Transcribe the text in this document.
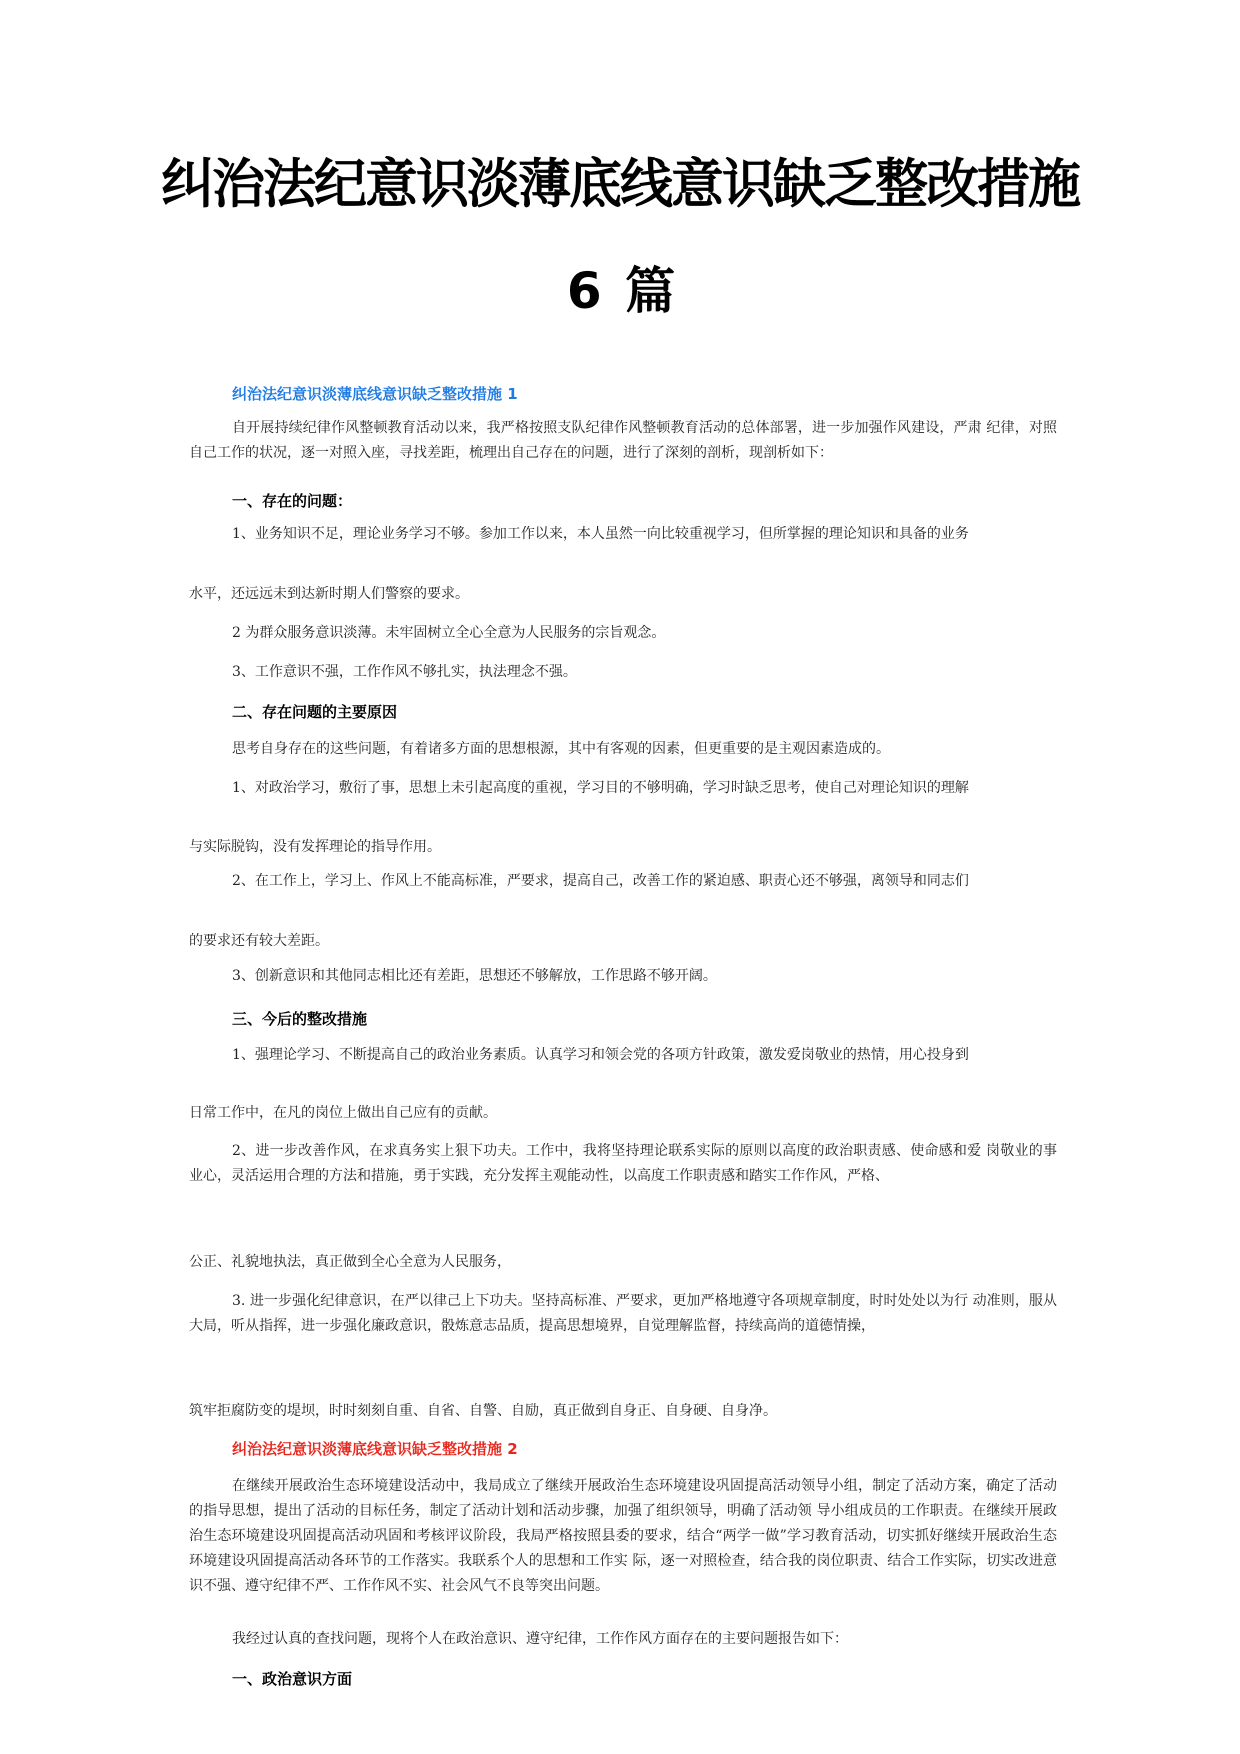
纠治法纪意识淡薄底线意识缺乏整改措施
6 篇
纠治法纪意识淡薄底线意识缺乏整改措施 1
自开展持续纪律作风整顿教育活动以来，我严格按照支队纪律作风整顿教育活动的总体部署，进一步加强作风建设，严肃 纪律，对照自己工作的状况，逐一对照入座，寻找差距，梳理出自己存在的问题，进行了深刻的剖析，现剖析如下：
一、存在的问题：
1、业务知识不足，理论业务学习不够。参加工作以来，本人虽然一向比较重视学习，但所掌握的理论知识和具备的业务
水平，还远远未到达新时期人们警察的要求。
2 为群众服务意识淡薄。未牢固树立全心全意为人民服务的宗旨观念。
3、工作意识不强，工作作风不够扎实，执法理念不强。
二、存在问题的主要原因
思考自身存在的这些问题，有着诸多方面的思想根源，其中有客观的因素，但更重要的是主观因素造成的。
1、对政治学习，敷衍了事，思想上未引起高度的重视，学习目的不够明确，学习时缺乏思考，使自己对理论知识的理解
与实际脱钩，没有发挥理论的指导作用。
2、在工作上，学习上、作风上不能高标准，严要求，提高自己，改善工作的紧迫感、职责心还不够强，离领导和同志们
的要求还有较大差距。
3、创新意识和其他同志相比还有差距，思想还不够解放，工作思路不够开阔。
三、今后的整改措施
1、强理论学习、不断提高自己的政治业务素质。认真学习和领会党的各项方针政策，激发爱岗敬业的热情，用心投身到
日常工作中，在凡的岗位上做出自己应有的贡献。
2、进一步改善作风，在求真务实上狠下功夫。工作中，我将坚持理论联系实际的原则以高度的政治职责感、使命感和爱 岗敬业的事业心，灵活运用合理的方法和措施，勇于实践，充分发挥主观能动性，以高度工作职责感和踏实工作作风，严格、
公正、礼貌地执法，真正做到全心全意为人民服务，
3. 进一步强化纪律意识，在严以律己上下功夫。坚持高标准、严要求，更加严格地遵守各项规章制度，时时处处以为行 动准则，服从大局，听从指挥，进一步强化廉政意识，骰炼意志品质，提高思想境界，自觉理解监督，持续高尚的道德情操，
筑牢拒腐防变的堤坝，时时刻刻自重、自省、自警、自励，真正做到自身正、自身硬、自身净。
纠治法纪意识淡薄底线意识缺乏整改措施 2
在继续开展政治生态环境建设活动中，我局成立了继续开展政治生态环境建设巩固提高活动领导小组，制定了活动方案，确定了活动的指导思想，提出了活动的目标任务，制定了活动计划和活动步骤，加强了组织领导，明确了活动领 导小组成员的工作职责。在继续开展政治生态环境建设巩固提高活动巩固和考核评议阶段，我局严格按照县委的要求，结合“两学一做”学习教育活动，切实抓好继续开展政治生态环境建设巩固提高活动各环节的工作落实。我联系个人的思想和工作实 际，逐一对照检查，结合我的岗位职责、结合工作实际，切实改进意识不强、遵守纪律不严、工作作风不实、社会风气不良等突出问题。
我经过认真的查找问题，现将个人在政治意识、遵守纪律，工作作风方面存在的主要问题报告如下：
一、政治意识方面
